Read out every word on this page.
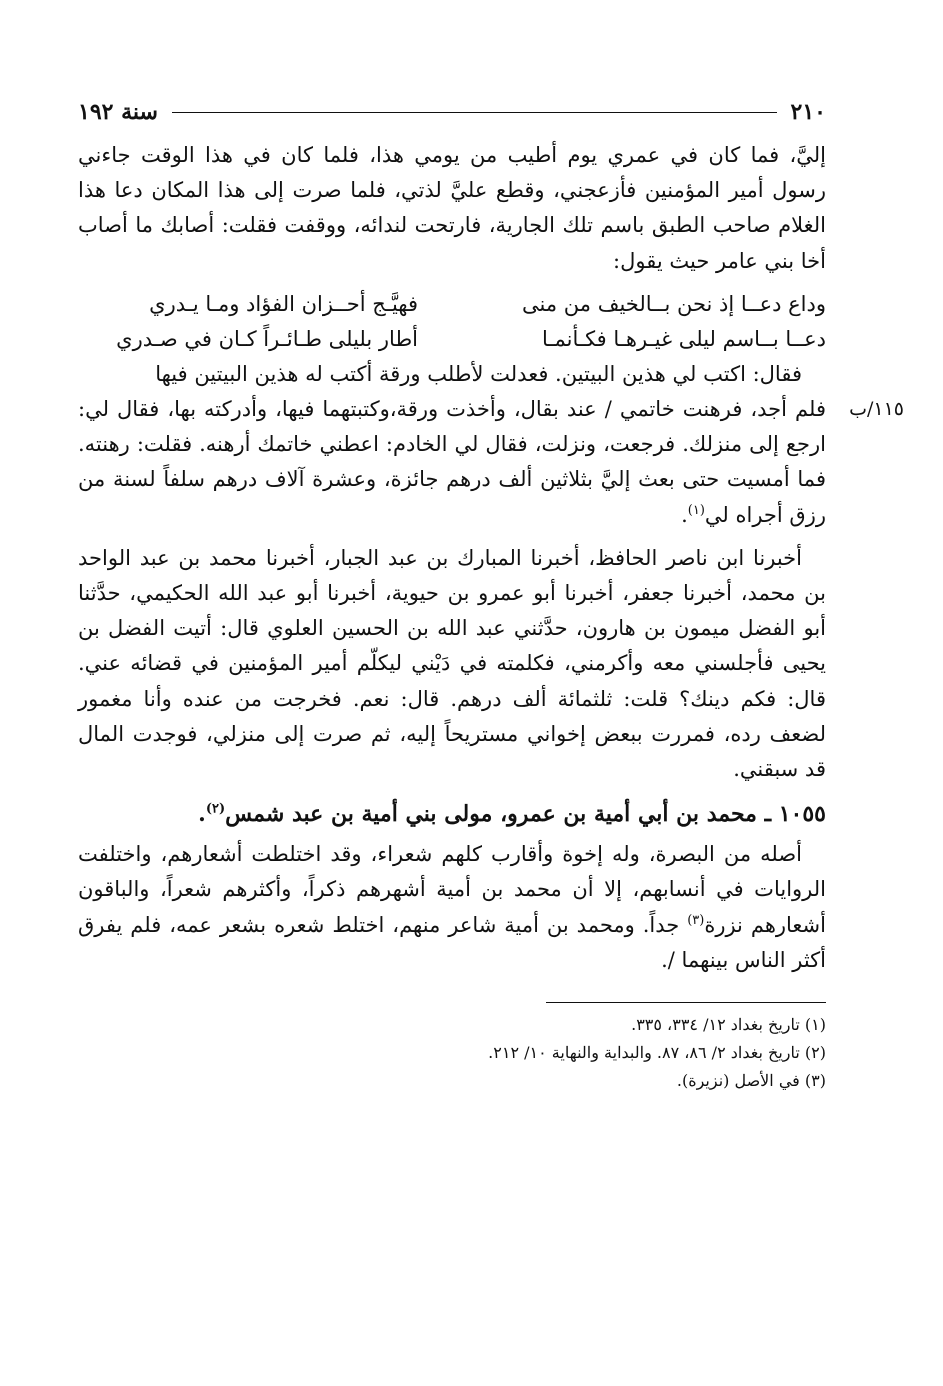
٢١٠
سنة ١٩٢

إليَّ، فما كان في عمري يوم أطيب من يومي هذا، فلما كان في هذا الوقت جاءني رسول أمير المؤمنين فأزعجني، وقطع عليَّ لذتي، فلما صرت إلى هذا المكان دعا هذا الغلام صاحب الطبق باسم تلك الجارية، فارتحت لندائه، ووقفت فقلت: أصابك ما أصاب أخا بني عامر حيث يقول:

وداع دعــا إذ نحن بــالخيف من منى
فهيَّـج أحــزان الفؤاد ومـا يـدري
دعــا بــاسم ليلى غيـرهـا فكـأنمـا
أطار بليلى طـائـراً كـان في صـدري

فقال: اكتب لي هذين البيتين. فعدلت لأطلب ورقة أكتب له هذين البيتين فيها

١١٥/ب

فلم أجد، فرهنت خاتمي / عند بقال، وأخذت ورقة،وكتبتهما فيها، وأدركته بها، فقال لي: ارجع إلى منزلك. فرجعت، ونزلت، فقال لي الخادم: اعطني خاتمك أرهنه. فقلت: رهنته. فما أمسيت حتى بعث إليَّ بثلاثين ألف درهم جائزة، وعشرة آلاف درهم سلفاً لسنة من رزق أجراه لي$^{(١)}$.

أخبرنا ابن ناصر الحافظ، أخبرنا المبارك بن عبد الجبار، أخبرنا محمد بن عبد الواحد بن محمد، أخبرنا جعفر، أخبرنا أبو عمرو بن حيوية، أخبرنا أبو عبد الله الحكيمي، حدَّثنا أبو الفضل ميمون بن هارون، حدَّثني عبد الله بن الحسين العلوي قال: أتيت الفضل بن يحيى فأجلسني معه وأكرمني، فكلمته في دَيْني ليكلّم أمير المؤمنين في قضائه عني. قال: فكم دينك؟ قلت: ثلثمائة ألف درهم. قال: نعم. فخرجت من عنده وأنا مغمور لضعف رده، فمررت ببعض إخواني مستريحاً إليه، ثم صرت إلى منزلي، فوجدت المال قد سبقني.

١٠٥٥ ـ محمد بن أبي أمية بن عمرو، مولى بني أمية بن عبد شمس$^{(٢)}$.

أصله من البصرة، وله إخوة وأقارب كلهم شعراء، وقد اختلطت أشعارهم، واختلفت الروايات في أنسابهم، إلا أن محمد بن أمية أشهرهم ذكراً، وأكثرهم شعراً، والباقون أشعارهم نزرة$^{(٣)}$ جداً. ومحمد بن أمية شاعر منهم، اختلط شعره بشعر عمه، فلم يفرق أكثر الناس بينهما /.

(١) تاريخ بغداد ١٢/ ٣٣٤، ٣٣٥.

(٢) تاريخ بغداد ٢/ ٨٦، ٨٧. والبداية والنهاية ١٠/ ٢١٢.

(٣) في الأصل (نزيرة).
